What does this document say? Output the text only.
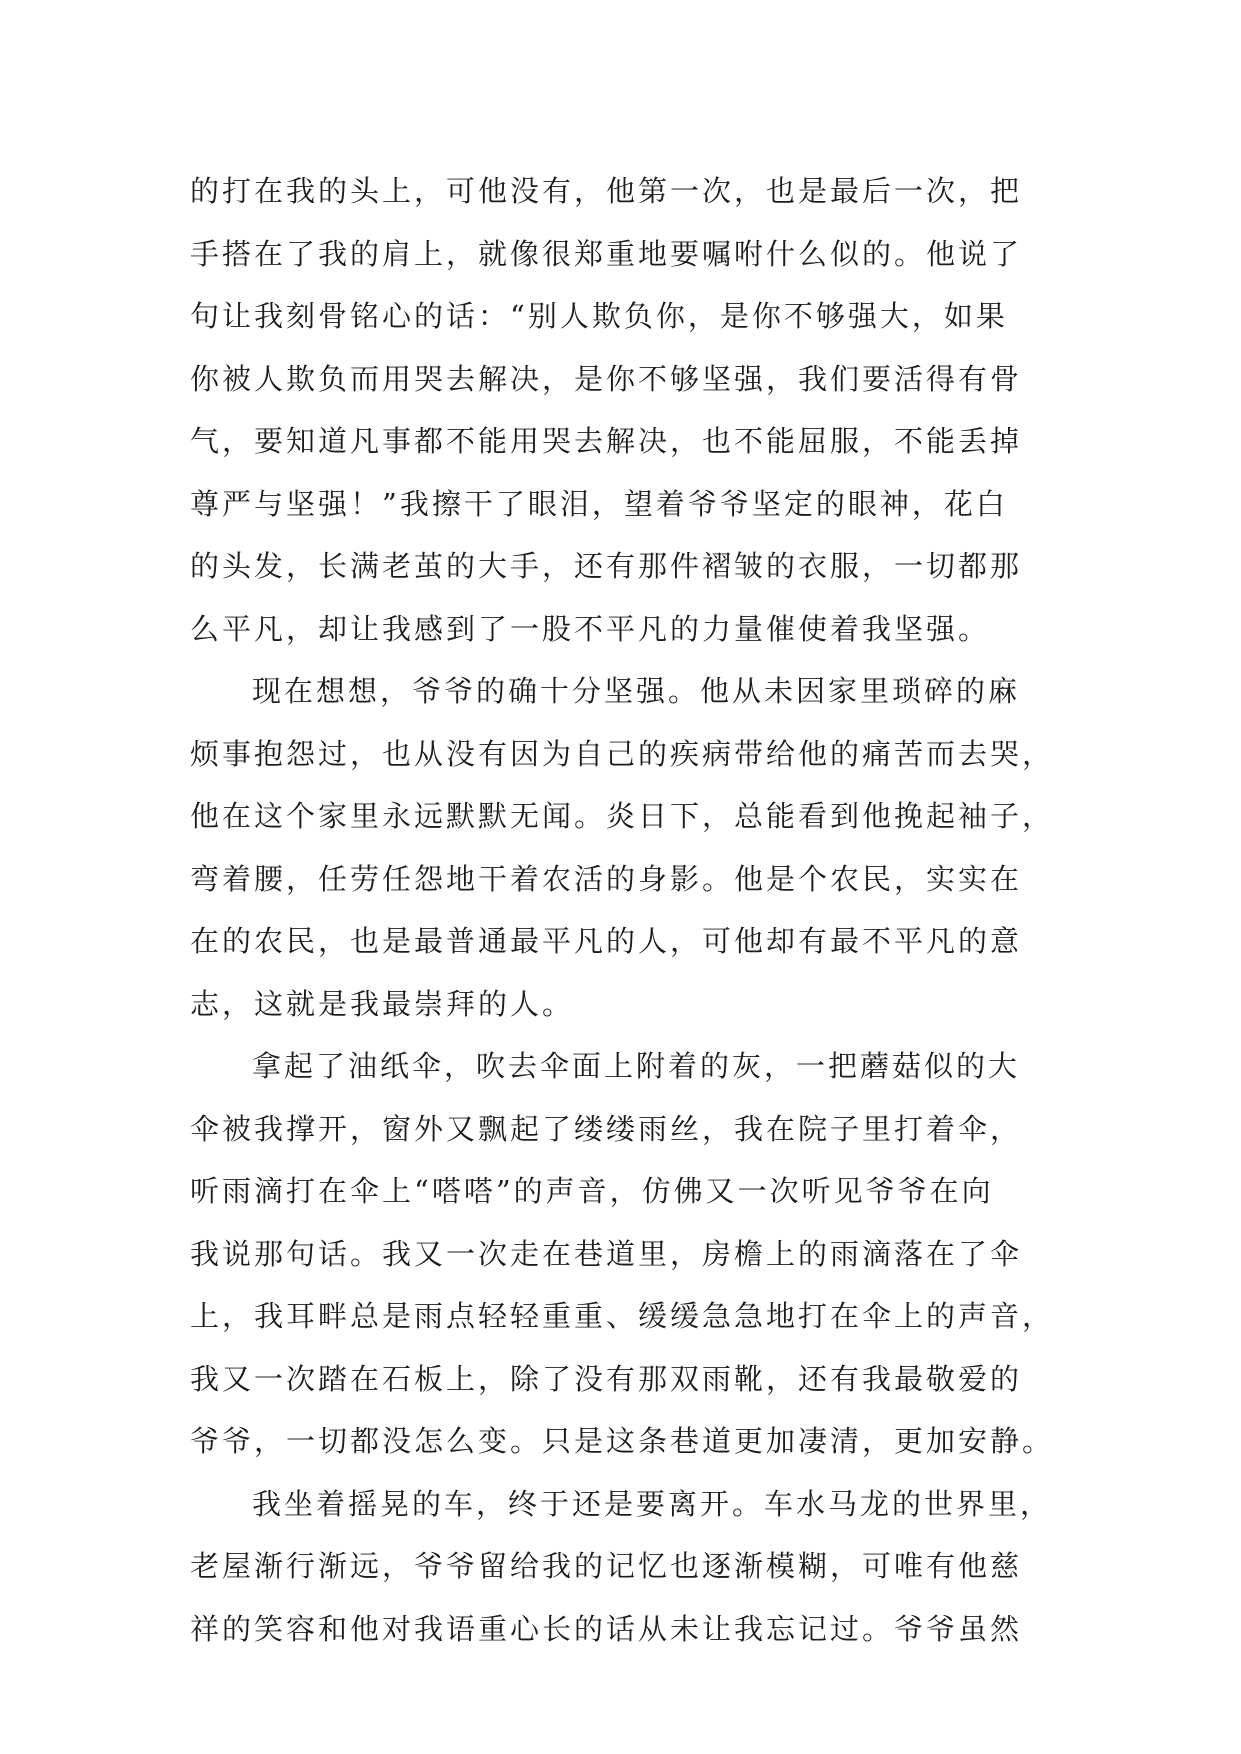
的打在我的头上，可他没有，他第一次，也是最后一次，把
手搭在了我的肩上，就像很郑重地要嘱咐什么似的。他说了
句让我刻骨铭心的话：“别人欺负你，是你不够强大，如果
你被人欺负而用哭去解决，是你不够坚强，我们要活得有骨
气，要知道凡事都不能用哭去解决，也不能屈服，不能丢掉
尊严与坚强！”我擦干了眼泪，望着爷爷坚定的眼神，花白
的头发，长满老茧的大手，还有那件褶皱的衣服，一切都那
么平凡，却让我感到了一股不平凡的力量催使着我坚强。
现在想想，爷爷的确十分坚强。他从未因家里琐碎的麻
烦事抱怨过，也从没有因为自己的疾病带给他的痛苦而去哭，
他在这个家里永远默默无闻。炎日下，总能看到他挽起袖子，
弯着腰，任劳任怨地干着农活的身影。他是个农民，实实在
在的农民，也是最普通最平凡的人，可他却有最不平凡的意
志，这就是我最崇拜的人。
拿起了油纸伞，吹去伞面上附着的灰，一把蘑菇似的大
伞被我撑开，窗外又飘起了缕缕雨丝，我在院子里打着伞，
听雨滴打在伞上“嗒嗒”的声音，仿佛又一次听见爷爷在向
我说那句话。我又一次走在巷道里，房檐上的雨滴落在了伞
上，我耳畔总是雨点轻轻重重、缓缓急急地打在伞上的声音，
我又一次踏在石板上，除了没有那双雨靴，还有我最敬爱的
爷爷，一切都没怎么变。只是这条巷道更加凄清，更加安静。
我坐着摇晃的车，终于还是要离开。车水马龙的世界里，
老屋渐行渐远，爷爷留给我的记忆也逐渐模糊，可唯有他慈
祥的笑容和他对我语重心长的话从未让我忘记过。爷爷虽然
